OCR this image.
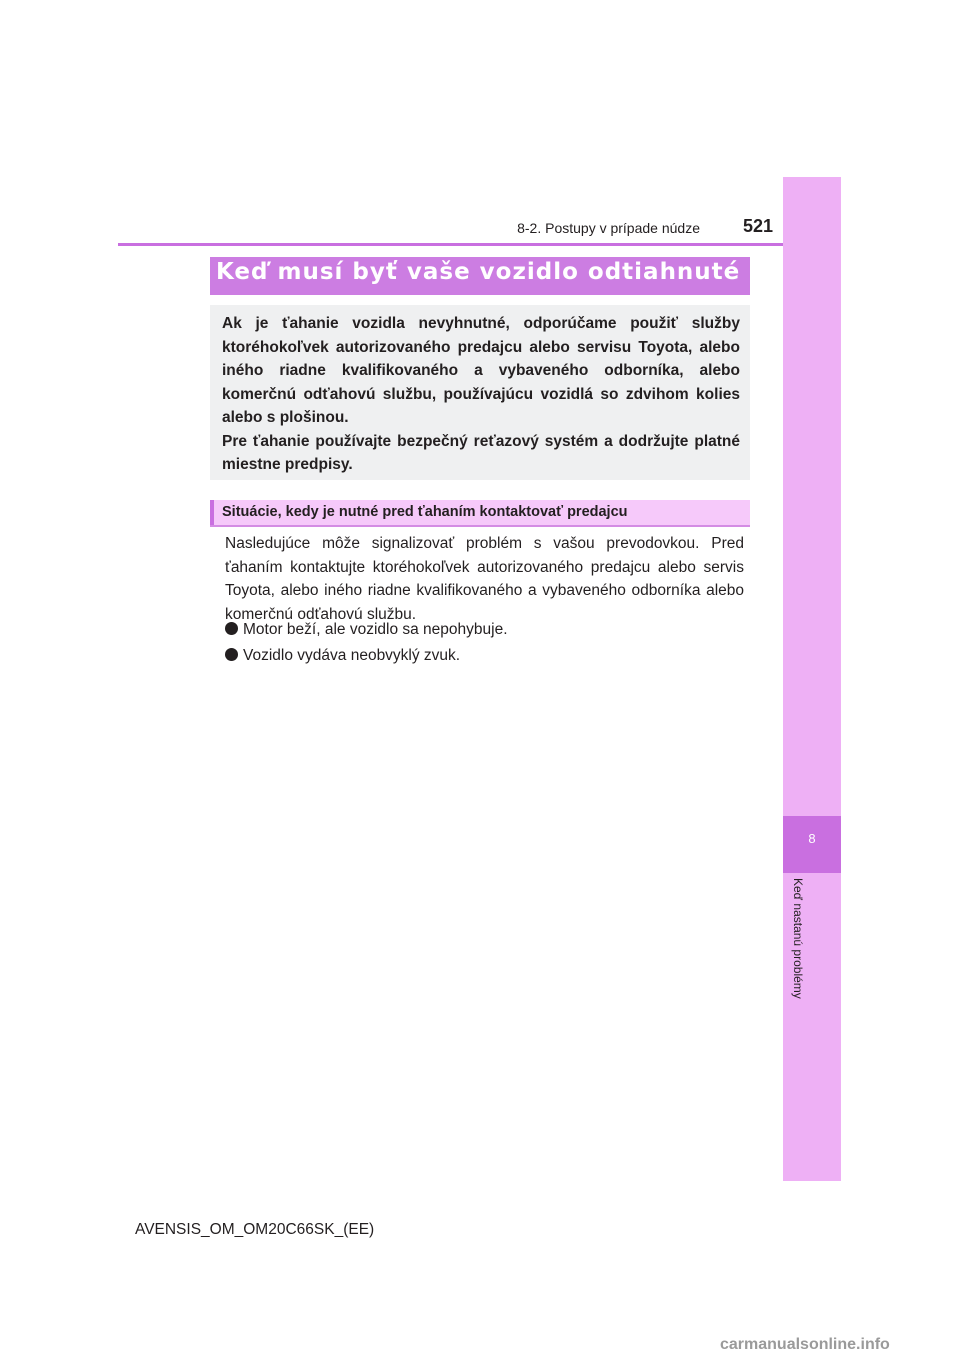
8
Keď nastanú problémy
8-2. Postupy v prípade núdze	521
Keď musí byť vaše vozidlo odtiahnuté

Ak je ťahanie vozidla nevyhnutné, odporúčame použiť služby ktoréhokoľvek autorizovaného predajcu alebo servisu Toyota, alebo iného riadne kvalifikovaného a vybaveného odborníka, alebo komerčnú odťahovú službu, používajúcu vozidlá so zdvihom kolies alebo s plošinou.

Pre ťahanie používajte bezpečný reťazový systém a dodržujte platné miestne predpisy.

Situácie, kedy je nutné pred ťahaním kontaktovať predajcu
Nasledujúce môže signalizovať problém s vašou prevodovkou. Pred ťahaním kontaktujte ktoréhokoľvek autorizovaného predajcu alebo servis Toyota, alebo iného riadne kvalifikovaného a vybaveného odborníka alebo komerčnú odťahovú službu.
Motor beží, ale vozidlo sa nepohybuje.
Vozidlo vydáva neobvyklý zvuk.
AVENSIS_OM_OM20C66SK_(EE)
carmanualsonline.info
